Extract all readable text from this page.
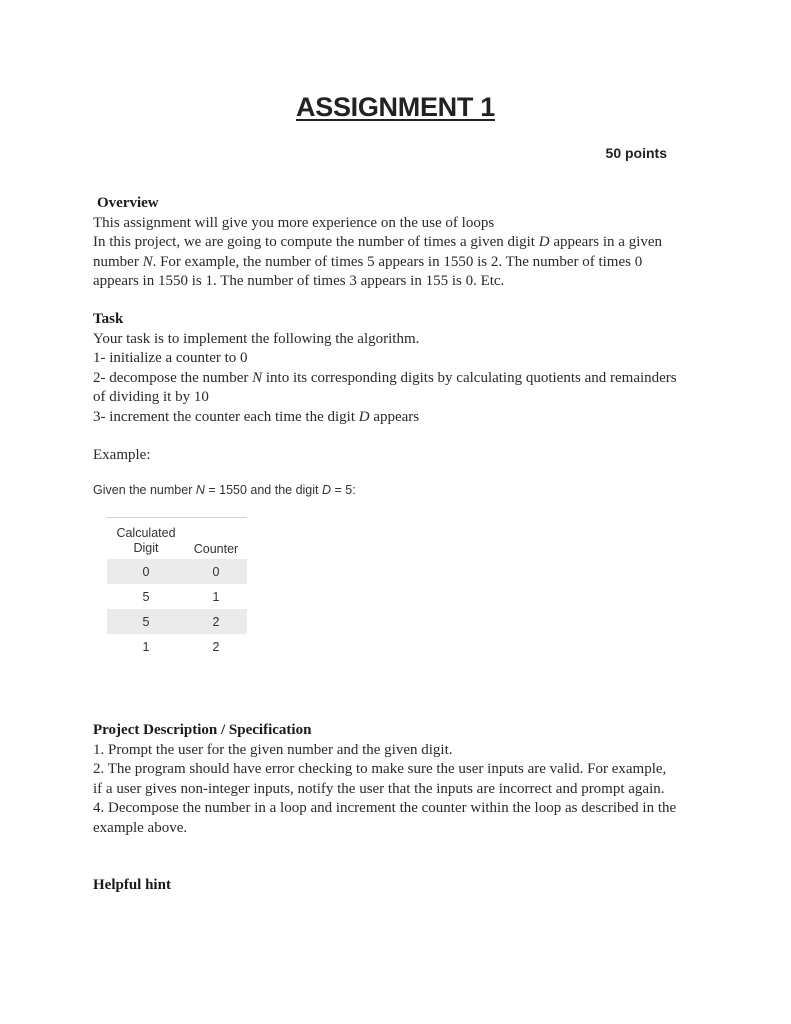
ASSIGNMENT 1
50 points
Overview
This assignment will give you more experience on the use of loops
In this project, we are going to compute the number of times a given digit D appears in a given
number N. For example, the number of times 5 appears in 1550 is 2. The number of times 0
appears in 1550 is 1. The number of times 3 appears in 155 is 0. Etc.
Task
Your task is to implement the following the algorithm.
1- initialize a counter to 0
2- decompose the number N into its corresponding digits by calculating quotients and remainders
of dividing it by 10
3- increment the counter each time the digit D appears
Example:
Given the number N = 1550 and the digit D = 5:
Calculated
Digit	Counter
0	0
5	1
5	2
1	2
Project Description / Specification
1. Prompt the user for the given number and the given digit.
2. The program should have error checking to make sure the user inputs are valid. For example,
if a user gives non-integer inputs, notify the user that the inputs are incorrect and prompt again.
4. Decompose the number in a loop and increment the counter within the loop as described in the
example above.
Helpful hint
